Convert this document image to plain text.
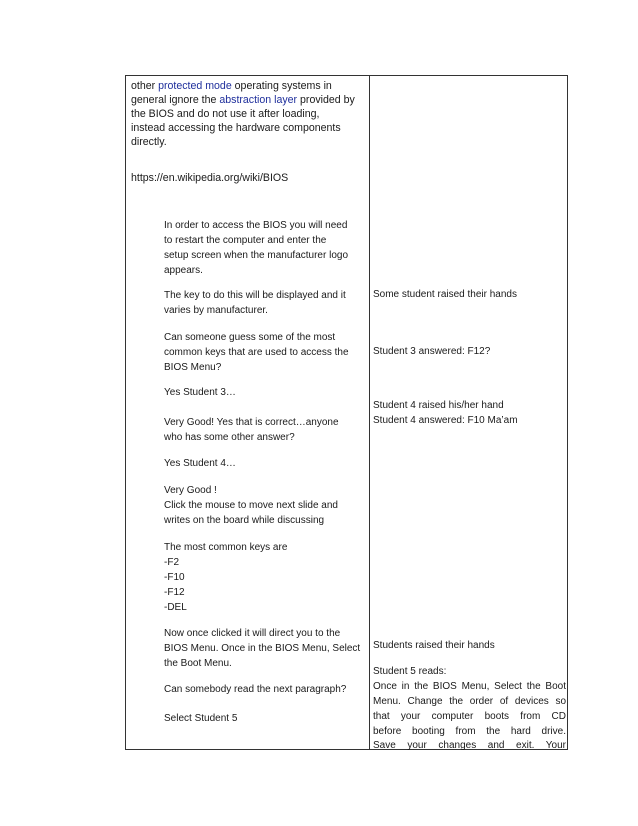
other protected mode operating systems in
general ignore the abstraction layer provided by
the BIOS and do not use it after loading,
instead accessing the hardware components
directly.
https://en.wikipedia.org/wiki/BIOS
In order to access the BIOS you will need
to restart the computer and enter the
setup screen when the manufacturer logo
appears.
The key to do this will be displayed and it
varies by manufacturer.
Can someone guess some of the most
common keys that are used to access the
BIOS Menu?
Yes Student 3…
Very Good! Yes that is correct…anyone
who has some other answer?
Yes Student 4…
Very Good !
Click the mouse to move next slide and
writes on the board while discussing
The most common keys are
-F2
-F10
-F12
-DEL
Now once clicked it will direct you to the
BIOS Menu. Once in the BIOS Menu, Select
the Boot Menu.
Can somebody read the next paragraph?
Select Student 5
Some student raised their hands
Student 3 answered: F12?
Student 4 raised his/her hand
Student 4 answered: F10 Ma’am
Students raised their hands
Student 5 reads:
Once in the BIOS Menu, Select the Boot
Menu. Change the order of devices so
that your computer boots from CD
before booting from the hard drive.
Save your changes and exit. Your
